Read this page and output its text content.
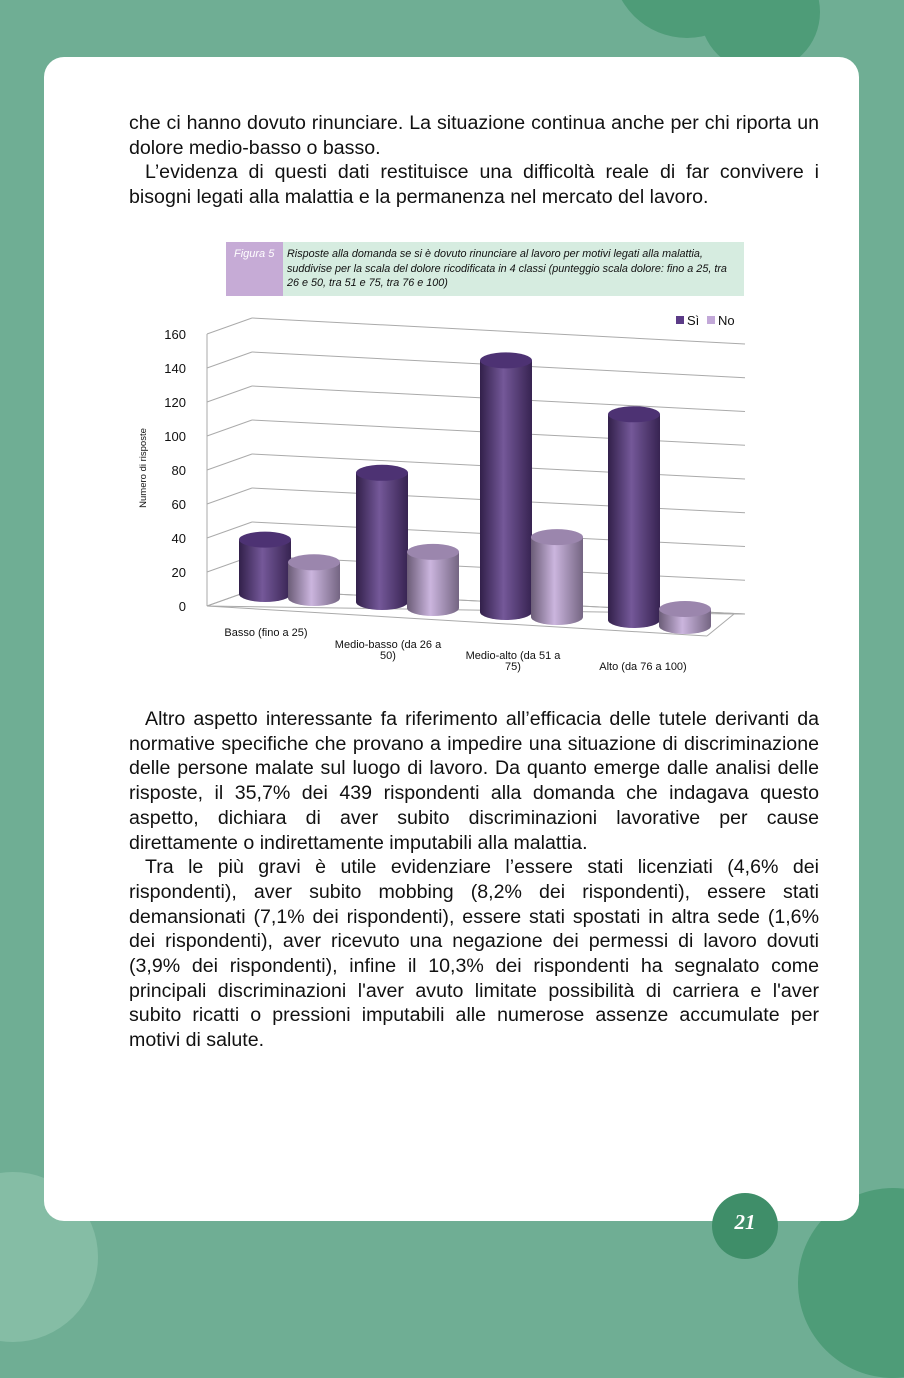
che ci hanno dovuto rinunciare. La situazione continua anche per chi riporta un dolore medio-basso o basso.

L’evidenza di questi dati restituisce una difficoltà reale di far convivere i bisogni legati alla malattia e la permanenza nel mercato del lavoro.

Figura 5	Risposte alla domanda se si è dovuto rinunciare al lavoro per motivi legati alla malattia, suddivise per la scala del dolore ricodificata in 4 classi (punteggio scala dolore: fino a 25, tra 26 e 50, tra 51 e 75, tra 76 e 100)
0
20
40
60
80
100
120
140
160
Numero di risposte
Basso (fino a 25)
Medio-basso (da 26 a
50)	Medio-alto (da 51 a
75)	Alto (da 76 a 100)
Sì No

Altro aspetto interessante fa riferimento all’efficacia delle tutele derivanti da normative specifiche che provano a impedire una situazione di discriminazione delle persone malate sul luogo di lavoro. Da quanto emerge dalle analisi delle risposte, il 35,7% dei 439 rispondenti alla domanda che indagava questo aspetto, dichiara di aver subito discriminazioni lavorative per cause direttamente o indirettamente imputabili alla malattia.

Tra le più gravi è utile evidenziare l’essere stati licenziati (4,6% dei rispondenti), aver subito mobbing (8,2% dei rispondenti), essere stati demansionati (7,1% dei rispondenti), essere stati spostati in altra sede (1,6% dei rispondenti), aver ricevuto una negazione dei permessi di lavoro dovuti (3,9% dei rispondenti), infine il 10,3% dei rispondenti ha segnalato come principali discriminazioni l'aver avuto limitate possibilità di carriera e l'aver subito ricatti o pressioni imputabili alle numerose assenze accumulate per motivi di salute.

21
